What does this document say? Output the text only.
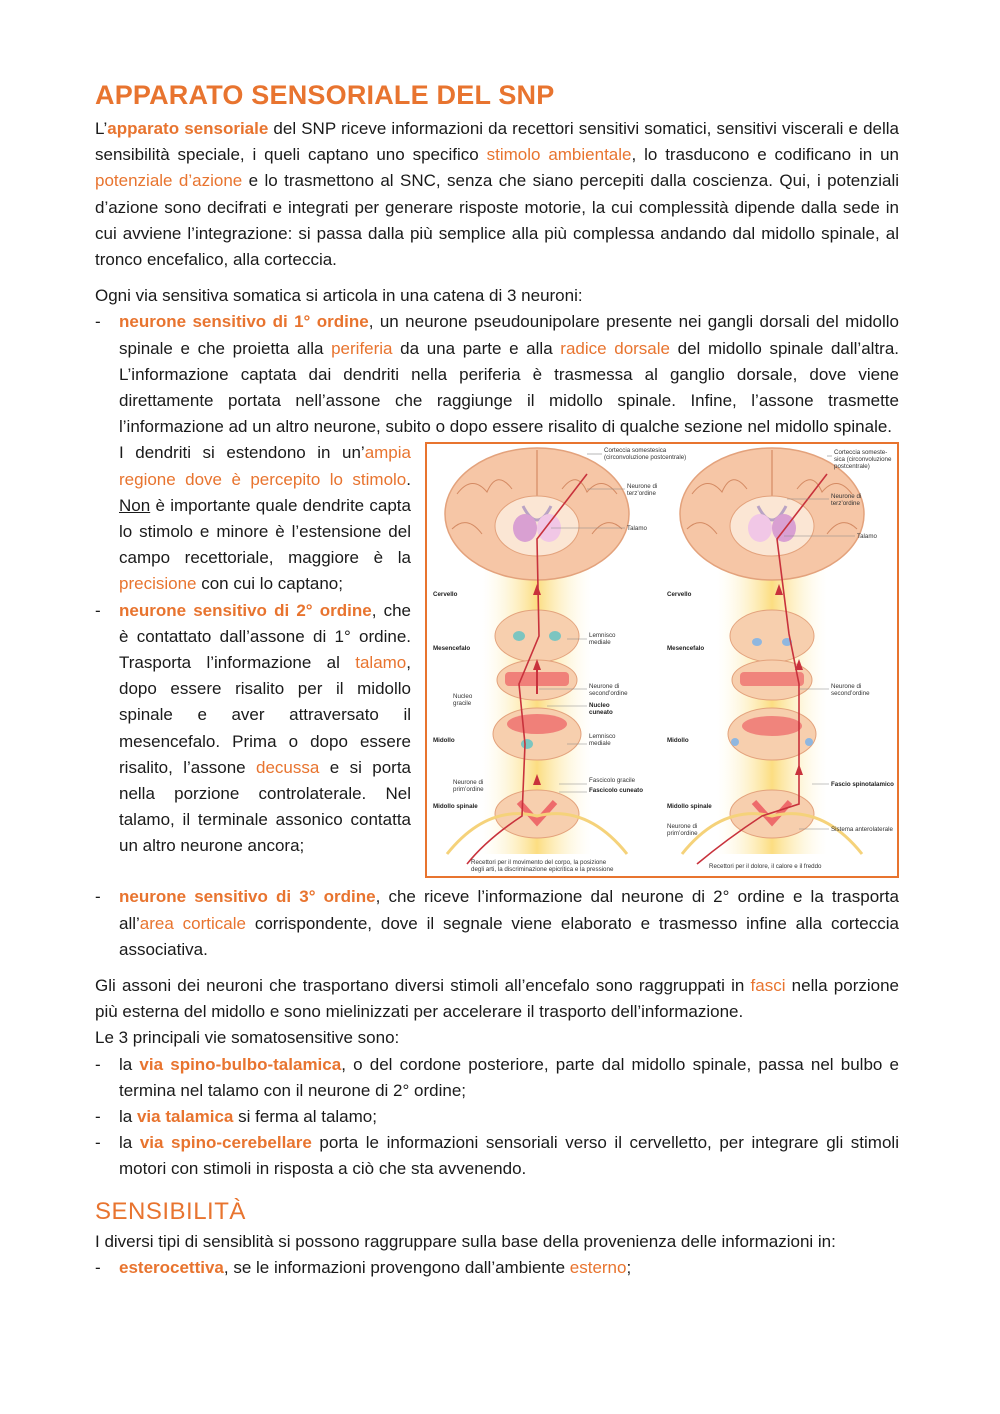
APPARATO SENSORIALE DEL SNP

L’apparato sensoriale del SNP riceve informazioni da recettori sensitivi somatici, sensitivi viscerali e della sensibilità speciale, i queli captano uno specifico stimolo ambientale, lo trasducono e codificano in un potenziale d’azione e lo trasmettono al SNC, senza che siano percepiti dalla coscienza. Qui, i potenziali d’azione sono decifrati e integrati per generare risposte motorie, la cui complessità dipende dalla sede in cui avviene l’integrazione: si passa dalla più semplice alla più complessa andando dal midollo spinale, al tronco encefalico, alla corteccia.

Ogni via sensitiva somatica si articola in una catena di 3 neuroni:

- neurone sensitivo di 1° ordine, un neurone pseudounipolare presente nei gangli dorsali del midollo spinale e che proietta alla periferia da una parte e alla radice dorsale del midollo spinale dall’altra. L’informazione captata dai dendriti nella periferia è trasmessa al ganglio dorsale, dove viene direttamente portata nell’assone che raggiunge il midollo spinale. Infine, l’assone trasmette l’informazione ad un altro neurone, subito o dopo essere risalito di qualche sezione nel midollo spinale.
Corteccia somestesica
(circonvoluzione postcentrale)
Neurone di
terz’ordine
Talamo
Cervello
Mesencefalo
Lemnisco
mediale
Neurone di
second’ordine
Nucleo
gracile	Nucleo
cuneato
Lemnisco
mediale
Midollo
Neurone di
prim’ordine
Fascicolo gracile
Fascicolo cuneato
Midollo spinale
Recettori per il movimento del corpo, la posizione
degli arti, la discriminazione epicritica e la pressione
Corteccia someste-
sica (circonvoluzione
postcentrale)
Neurone di
terz’ordine
Talamo
Cervello
Mesencefalo
Neurone di
second’ordine
Midollo
Fascio spinotalamico
Midollo spinale
Neurone di
prim’ordine
Sistema anterolaterale
Recettori per il dolore, il calore e il freddo
I dendriti si estendono in un’ampia regione dove è percepito lo stimolo. Non è importante quale dendrite capta lo stimolo e minore è l’estensione del campo recettoriale, maggiore è la precisione con cui lo captano;
- neurone sensitivo di 2° ordine, che è contattato dall’assone di 1° ordine. Trasporta l’informazione al talamo, dopo essere risalito per il midollo spinale e aver attraversato il mesencefalo. Prima o dopo essere risalito, l’assone decussa e si porta nella porzione controlaterale. Nel talamo, il terminale assonico contatta un altro neurone ancora;
- neurone sensitivo di 3° ordine, che riceve l’informazione dal neurone di 2° ordine e la trasporta all’area corticale corrispondente, dove il segnale viene elaborato e trasmesso infine alla corteccia associativa.

Gli assoni dei neuroni che trasportano diversi stimoli all’encefalo sono raggruppati in fasci nella porzione più esterna del midollo e sono mielinizzati per accelerare il trasporto dell’informazione.
Le 3 principali vie somatosensitive sono:

- la via spino-bulbo-talamica, o del cordone posteriore, parte dal midollo spinale, passa nel bulbo e termina nel talamo con il neurone di 2° ordine;
- la via talamica si ferma al talamo;
- la via spino-cerebellare porta le informazioni sensoriali verso il cervelletto, per integrare gli stimoli motori con stimoli in risposta a ciò che sta avvenendo.
SENSIBILITÀ

I diversi tipi di sensiblità si possono raggruppare sulla base della provenienza delle informazioni in:

- esterocettiva, se le informazioni provengono dall’ambiente esterno;
